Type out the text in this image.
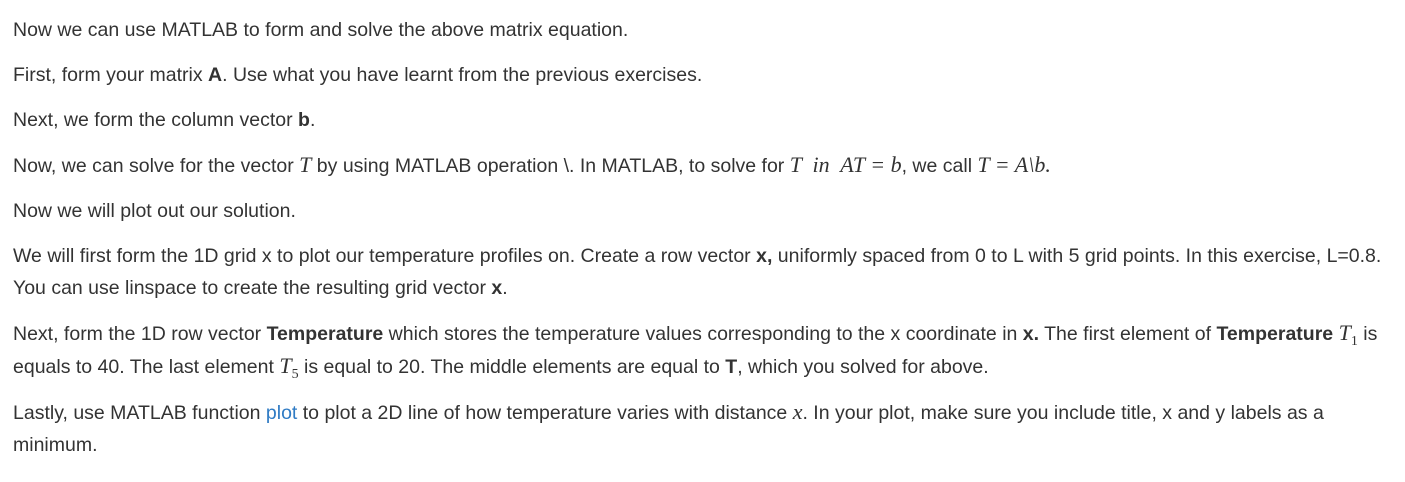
Now we can use MATLAB to form and solve the above matrix equation.

First, form your matrix A. Use what you have learnt from the previous exercises.

Next, we form the column vector b.

Now, we can solve for the vector T by using MATLAB operation \. In MATLAB, to solve for T  in  AT = b, we call T = A\b.

Now we will plot out our solution.

We will first form the 1D grid x to plot our temperature profiles on. Create a row vector x, uniformly spaced from 0 to L with 5 grid points. In this exercise, L=0.8. You can use linspace to create the resulting grid vector x.

Next, form the 1D row vector Temperature which stores the temperature values corresponding to the x coordinate in x. The first element of Temperature $T_1$ is equals to 40. The last element $T_5$ is equal to 20. The middle elements are equal to T, which you solved for above.

Lastly, use MATLAB function plot to plot a 2D line of how temperature varies with distance x. In your plot, make sure you include title, x and y labels as a minimum.
